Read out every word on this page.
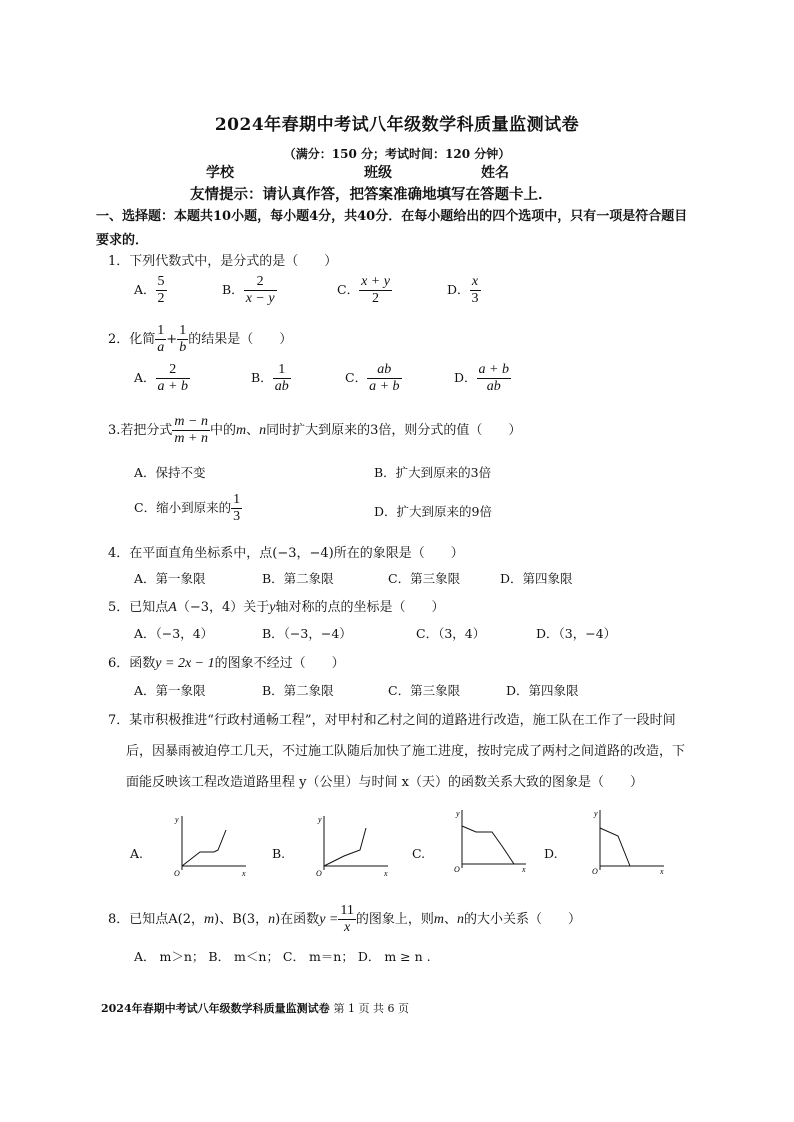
2024年春期中考试八年级数学科质量监测试卷
（满分：150 分；考试时间：120 分钟）
学校	班级	姓名
友情提示：请认真作答，把答案准确地填写在答题卡上．
一、选择题：本题共10小题，每小题4分，共40分．在每小题给出的四个选项中，只有一项是符合题目要求的．
1．下列代数式中，是分式的是（　　）
A． $\frac{5}{2}$	B． $\frac{2}{x - y}$	C． $\frac{x + y}{2}$	D． $\frac{x}{3}$
2．化简 $\frac{1}{a} + \frac{1}{b}$ 的结果是（　　）
A． $\frac{2}{a + b}$	B． $\frac{1}{ab}$	C． $\frac{ab}{a + b}$	D． $\frac{a + b}{ab}$
3.若把分式 $\frac{m - n}{m + n}$ 中的m、n同时扩大到原来的3倍，则分式的值（　　）
A．保持不变	B．扩大到原来的3倍
C．缩小到原来的 $\frac{1}{3}$	D．扩大到原来的9倍
4．在平面直角坐标系中，点(−3，−4)所在的象限是（　　）
A．第一象限	B．第二象限	C．第三象限	D．第四象限
5．已知点A（−3，4）关于y轴对称的点的坐标是（　　）
A．（−3，4）	B．（−3，−4）	C．（3，4）	D．（3，−4）
6．函数y = 2x − 1的图象不经过（　　）
A．第一象限	B．第二象限	C．第三象限	D．第四象限
7．某市积极推进“行政村通畅工程”，对甲村和乙村之间的道路进行改造，施工队在工作了一段时间后，因暴雨被迫停工几天，不过施工队随后加快了施工进度，按时完成了两村之间道路的改造，下面能反映该工程改造道路里程 y（公里）与时间 x（天）的函数关系大致的图象是（　　）
A.
y
x
O
B.
y
x
O
C.
y
x
O
D.
y
x
O
8．已知点A(2，m)、B(3，n)在函数$y = \frac{11}{x}$ 的图象上，则m、n的大小关系（　　）
A． m＞n； B． m＜n； C． m＝n； D． m ≥ n .
2024年春期中考试八年级数学科质量监测试卷 第 1 页 共 6 页
